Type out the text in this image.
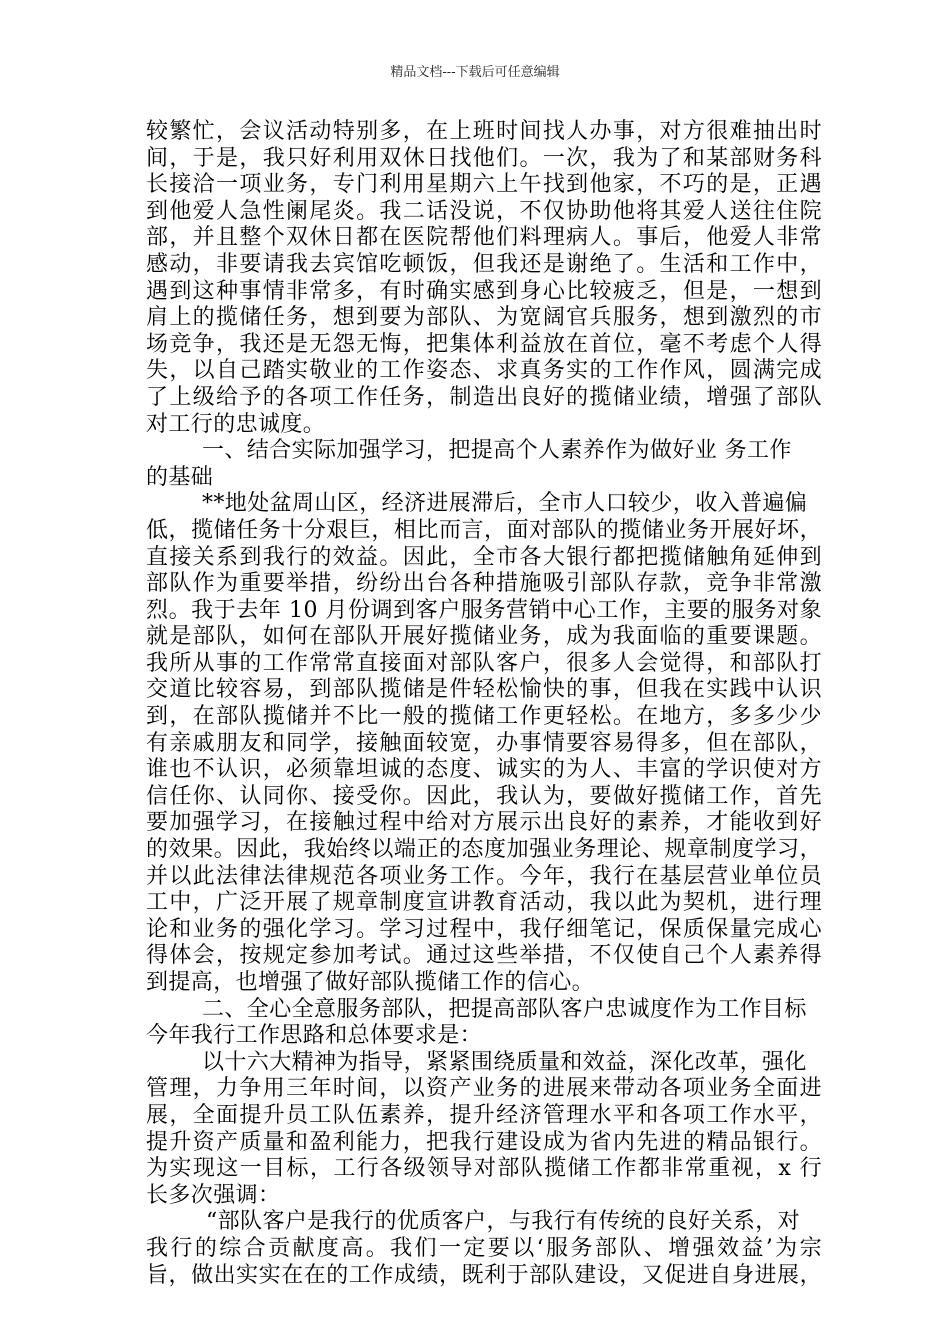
精品文档---下载后可任意编辑
较繁忙，会议活动特别多，在上班时间找人办事，对方很难抽出时
间，于是，我只好利用双休日找他们。一次，我为了和某部财务科
长接洽一项业务，专门利用星期六上午找到他家，不巧的是，正遇
到他爱人急性阑尾炎。我二话没说，不仅协助他将其爱人送往住院
部，并且整个双休日都在医院帮他们料理病人。事后，他爱人非常
感动，非要请我去宾馆吃顿饭，但我还是谢绝了。生活和工作中，
遇到这种事情非常多，有时确实感到身心比较疲乏，但是，一想到
肩上的揽储任务，想到要为部队、为宽阔官兵服务，想到激烈的市
场竞争，我还是无怨无悔，把集体利益放在首位，毫不考虑个人得
失，以自己踏实敬业的工作姿态、求真务实的工作作风，圆满完成
了上级给予的各项工作任务，制造出良好的揽储业绩，增强了部队
对工行的忠诚度。
一、结合实际加强学习，把提高个人素养作为做好业 务工作
的基础
**地处盆周山区，经济进展滞后，全市人口较少，收入普遍偏
低，揽储任务十分艰巨，相比而言，面对部队的揽储业务开展好坏，
直接关系到我行的效益。因此，全市各大银行都把揽储触角延伸到
部队作为重要举措，纷纷出台各种措施吸引部队存款，竞争非常激
烈。我于去年 10 月份调到客户服务营销中心工作，主要的服务对象
就是部队，如何在部队开展好揽储业务，成为我面临的重要课题。
我所从事的工作常常直接面对部队客户，很多人会觉得，和部队打
交道比较容易，到部队揽储是件轻松愉快的事，但我在实践中认识
到，在部队揽储并不比一般的揽储工作更轻松。在地方，多多少少
有亲戚朋友和同学，接触面较宽，办事情要容易得多，但在部队，
谁也不认识，必须靠坦诚的态度、诚实的为人、丰富的学识使对方
信任你、认同你、接受你。因此，我认为，要做好揽储工作，首先
要加强学习，在接触过程中给对方展示出良好的素养，才能收到好
的效果。因此，我始终以端正的态度加强业务理论、规章制度学习，
并以此法律法律规范各项业务工作。今年，我行在基层营业单位员
工中，广泛开展了规章制度宣讲教育活动，我以此为契机，进行理
论和业务的强化学习。学习过程中，我仔细笔记，保质保量完成心
得体会，按规定参加考试。通过这些举措，不仅使自己个人素养得
到提高，也增强了做好部队揽储工作的信心。
二、全心全意服务部队，把提高部队客户忠诚度作为工作目标
今年我行工作思路和总体要求是：
以十六大精神为指导，紧紧围绕质量和效益，深化改革，强化
管理，力争用三年时间，以资产业务的进展来带动各项业务全面进
展，全面提升员工队伍素养，提升经济管理水平和各项工作水平，
提升资产质量和盈利能力，把我行建设成为省内先进的精品银行。
为实现这一目标，工行各级领导对部队揽储工作都非常重视，x 行
长多次强调：
“部队客户是我行的优质客户，与我行有传统的良好关系，对
我行的综合贡献度高。我们一定要以‘服务部队、增强效益’为宗
旨，做出实实在在的工作成绩，既利于部队建设，又促进自身进展，
